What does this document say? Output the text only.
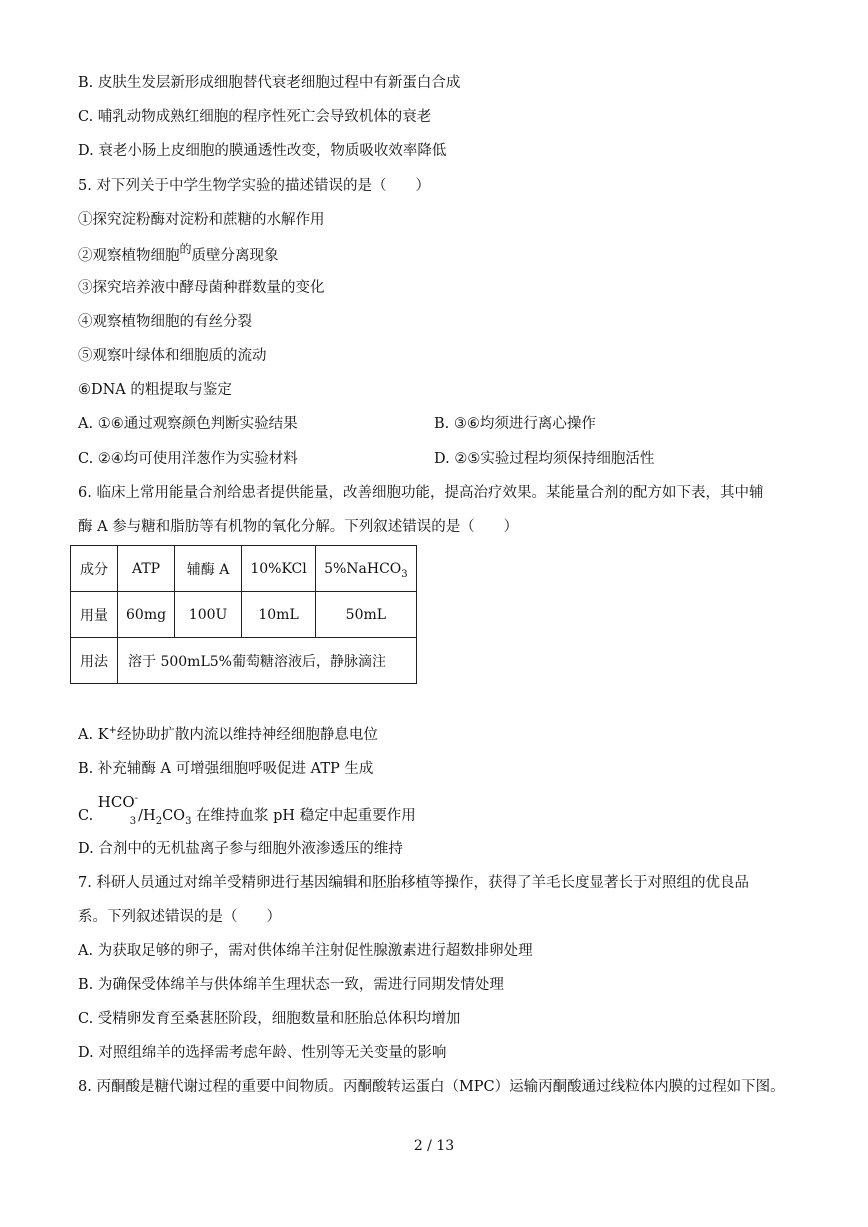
B. 皮肤生发层新形成细胞替代衰老细胞过程中有新蛋白合成
C. 哺乳动物成熟红细胞的程序性死亡会导致机体的衰老
D. 衰老小肠上皮细胞的膜通透性改变，物质吸收效率降低
5. 对下列关于中学生物学实验的描述错误的是（　　）
①探究淀粉酶对淀粉和蔗糖的水解作用
②观察植物细胞$^的$质壁分离现象
③探究培养液中酵母菌种群数量的变化
④观察植物细胞的有丝分裂
⑤观察叶绿体和细胞质的流动
⑥DNA 的粗提取与鉴定
A. ①⑥通过观察颜色判断实验结果	B. ③⑥均须进行离心操作
C. ②④均可使用洋葱作为实验材料	D. ②⑤实验过程均须保持细胞活性
6. 临床上常用能量合剂给患者提供能量，改善细胞功能，提高治疗效果。某能量合剂的配方如下表，其中辅
酶 A 参与糖和脂肪等有机物的氧化分解。下列叙述错误的是（　　）
成分	ATP	辅酶 A	10%KCl	5%NaHCO$_3$
用量	60mg	100U	10mL	50mL
用法	溶于 500mL5%葡萄糖溶液后，静脉滴注			
A. K+经协助扩散内流以维持神经细胞静息电位
B. 补充辅酶 A 可增强细胞呼吸促进 ATP 生成
C.
HCO-
$_3$ $/H_2CO_3$ 在维持血浆 pH 稳定中起重要作用
D. 合剂中的无机盐离子参与细胞外液渗透压的维持
7. 科研人员通过对绵羊受精卵进行基因编辑和胚胎移植等操作，获得了羊毛长度显著长于对照组的优良品
系。下列叙述错误的是（　　）
A. 为获取足够的卵子，需对供体绵羊注射促性腺激素进行超数排卵处理
B. 为确保受体绵羊与供体绵羊生理状态一致，需进行同期发情处理
C. 受精卵发育至桑葚胚阶段，细胞数量和胚胎总体积均增加
D. 对照组绵羊的选择需考虑年龄、性别等无关变量的影响
8. 丙酮酸是糖代谢过程的重要中间物质。丙酮酸转运蛋白（MPC）运输丙酮酸通过线粒体内膜的过程如下图。
2 / 13
